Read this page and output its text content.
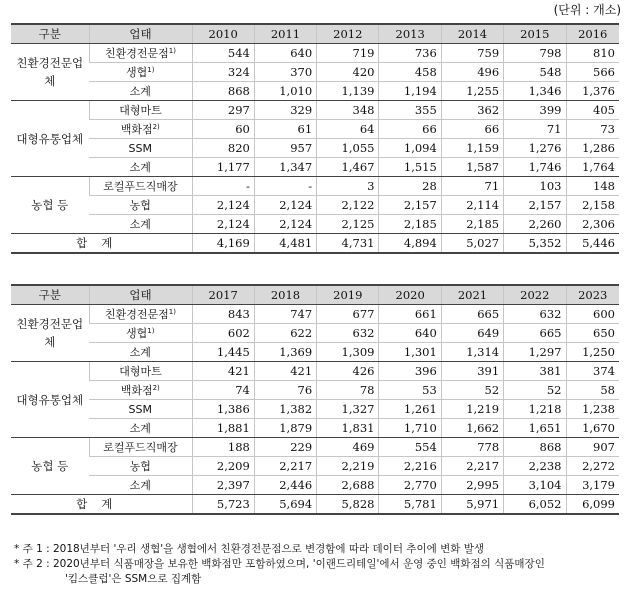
(단위 : 개소)
구분	업태	2010	2011	2012	2013	2014	2015	2016
친환경전문업체	친환경전문점$^{1)}$	544	640	719	736	759	798	810
	생협$^{1)}$	324	370	420	458	496	548	566
	소계	868	1,010	1,139	1,194	1,255	1,346	1,376
대형유통업체	대형마트	297	329	348	355	362	399	405
	백화점$^{2)}$	60	61	64	66	66	71	73
	SSM	820	957	1,055	1,094	1,159	1,276	1,286
	소계	1,177	1,347	1,467	1,515	1,587	1,746	1,764
농협 등	로컬푸드직매장	-	-	3	28	71	103	148
	농협	2,124	2,124	2,122	2,157	2,114	2,157	2,158
	소계	2,124	2,124	2,125	2,185	2,185	2,260	2,306
합계		4,169	4,481	4,731	4,894	5,027	5,352	5,446
구분	업태	2017	2018	2019	2020	2021	2022	2023
친환경전문업체	친환경전문점$^{1)}$	843	747	677	661	665	632	600
	생협$^{1)}$	602	622	632	640	649	665	650
	소계	1,445	1,369	1,309	1,301	1,314	1,297	1,250
대형유통업체	대형마트	421	421	426	396	391	381	374
	백화점$^{2)}$	74	76	78	53	52	52	58
	SSM	1,386	1,382	1,327	1,261	1,219	1,218	1,238
	소계	1,881	1,879	1,831	1,710	1,662	1,651	1,670
농협 등	로컬푸드직매장	188	229	469	554	778	868	907
	농협	2,209	2,217	2,219	2,216	2,217	2,238	2,272
	소계	2,397	2,446	2,688	2,770	2,995	3,104	3,179
합계		5,723	5,694	5,828	5,781	5,971	6,052	6,099

* 주 1 : 2018년부터 '우리 생협'을 생협에서 친환경전문점으로 변경함에 따라 데이터 추이에 변화 발생

* 주 2 : 2020년부터 식품매장을 보유한 백화점만 포함하였으며, '이랜드리테일'에서 운영 중인 백화점의 식품매장인

'킴스클럽'은 SSM으로 집계함
